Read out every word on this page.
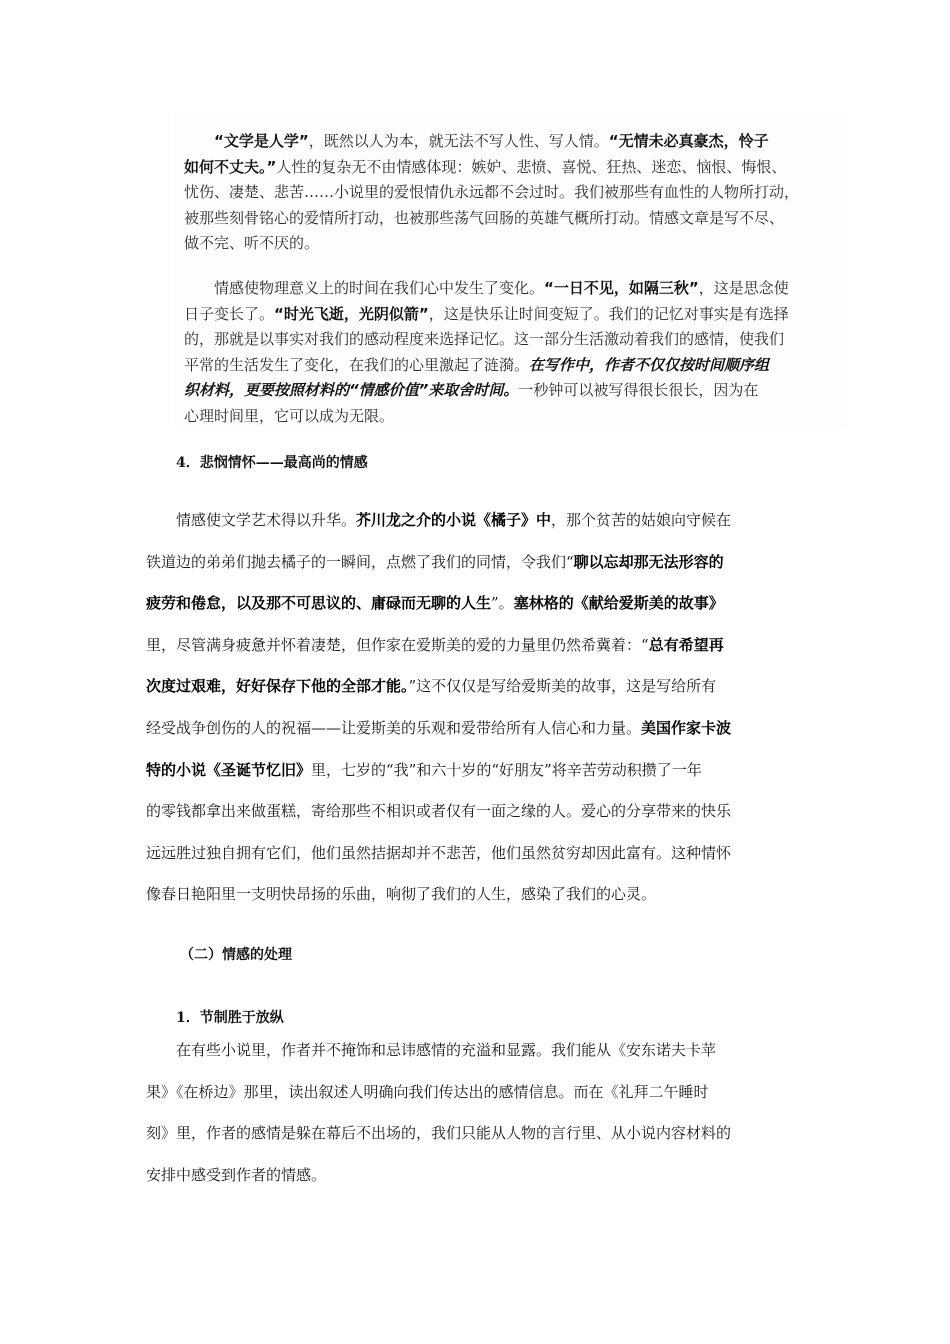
“文学是人学”，既然以人为本，就无法不写人性、写人情。“无情未必真豪杰，怜子
如何不丈夫。”人性的复杂无不由情感体现：嫉妒、悲愤、喜悦、狂热、迷恋、恼恨、悔恨、
忧伤、凄楚、悲苦……小说里的爱恨情仇永远都不会过时。我们被那些有血性的人物所打动，
被那些刻骨铭心的爱情所打动，也被那些荡气回肠的英雄气概所打动。情感文章是写不尽、
做不完、听不厌的。
情感使物理意义上的时间在我们心中发生了变化。“一日不见，如隔三秋”，这是思念使
日子变长了。“时光飞逝，光阴似箭”，这是快乐让时间变短了。我们的记忆对事实是有选择
的，那就是以事实对我们的感动程度来选择记忆。这一部分生活激动着我们的感情，使我们
平常的生活发生了变化，在我们的心里激起了涟漪。在写作中，作者不仅仅按时间顺序组
织材料，更要按照材料的“情感价值”来取舍时间。一秒钟可以被写得很长很长，因为在
心理时间里，它可以成为无限。
4．悲悯情怀——最高尚的情感
情感使文学艺术得以升华。芥川龙之介的小说《橘子》中，那个贫苦的姑娘向守候在
铁道边的弟弟们抛去橘子的一瞬间，点燃了我们的同情，令我们“聊以忘却那无法形容的
疲劳和倦怠，以及那不可思议的、庸碌而无聊的人生”。塞林格的《献给爱斯美的故事》
里，尽管满身疲惫并怀着凄楚，但作家在爱斯美的爱的力量里仍然希冀着：“总有希望再
次度过艰难，好好保存下他的全部才能。”这不仅仅是写给爱斯美的故事，这是写给所有
经受战争创伤的人的祝福——让爱斯美的乐观和爱带给所有人信心和力量。美国作家卡波
特的小说《圣诞节忆旧》里，七岁的“我”和六十岁的“好朋友”将辛苦劳动积攒了一年
的零钱都拿出来做蛋糕，寄给那些不相识或者仅有一面之缘的人。爱心的分享带来的快乐
远远胜过独自拥有它们，他们虽然拮据却并不悲苦，他们虽然贫穷却因此富有。这种情怀
像春日艳阳里一支明快昂扬的乐曲，响彻了我们的人生，感染了我们的心灵。
（二）情感的处理
1．节制胜于放纵
在有些小说里，作者并不掩饰和忌讳感情的充溢和显露。我们能从《安东诺夫卡苹
果》《在桥边》那里，读出叙述人明确向我们传达出的感情信息。而在《礼拜二午睡时
刻》里，作者的感情是躲在幕后不出场的，我们只能从人物的言行里、从小说内容材料的
安排中感受到作者的情感。
